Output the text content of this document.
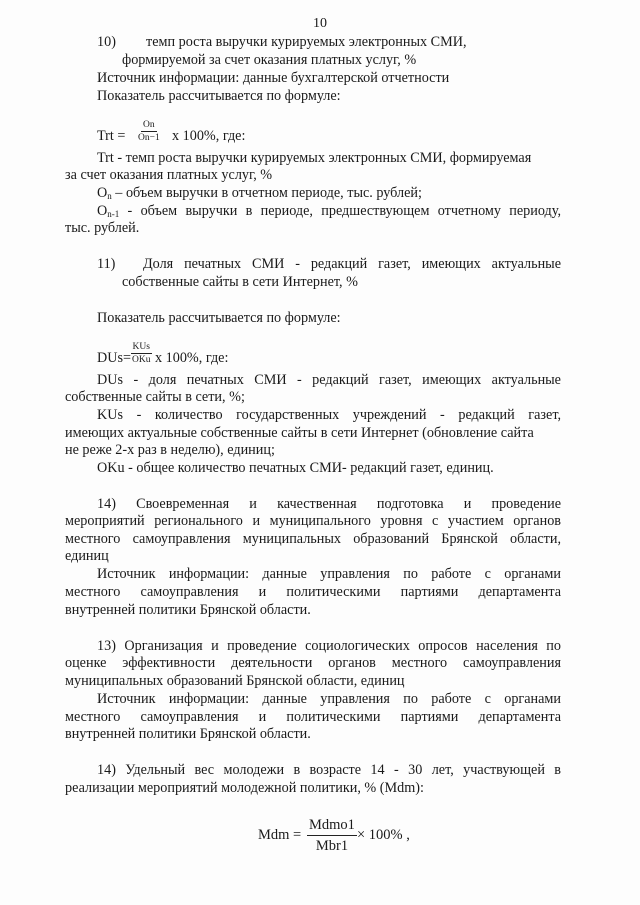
10
10) темп роста выручки курируемых электронных СМИ,
формируемой за счет оказания платных услуг, %
Источник информации: данные бухгалтерской отчетности
Показатель рассчитывается по формуле:
Trt = $\frac{On}{On-1}$ x 100%, где:
Trt - темп роста выручки курируемых электронных СМИ, формируемая
за счет оказания платных услуг, %
$O_n$ – объем выручки в отчетном периоде, тыс. рублей;
$O_{n-1}$ - объем выручки в периоде, предшествующем отчетному периоду,
тыс. рублей.
11) Доля печатных СМИ - редакций газет, имеющих актуальные
собственные сайты в сети Интернет, %
Показатель рассчитывается по формуле:
DUs=
KUs
OKu x 100%, где:
DUs - доля печатных СМИ - редакций газет, имеющих актуальные
собственные сайты в сети, %;
KUs - количество государственных учреждений - редакций газет,
имеющих актуальные собственные сайты в сети Интернет (обновление сайта
не реже 2-х раз в неделю), единиц;
OKu - общее количество печатных СМИ- редакций газет, единиц.
14) Своевременная и качественная подготовка и проведение
мероприятий регионального и муниципального уровня с участием органов
местного самоуправления муниципальных образований Брянской области,
единиц
Источник информации: данные управления по работе с органами
местного самоуправления и политическими партиями департамента
внутренней политики Брянской области.
13) Организация и проведение социологических опросов населения по
оценке эффективности деятельности органов местного самоуправления
муниципальных образований Брянской области, единиц
Источник информации: данные управления по работе с органами
местного самоуправления и политическими партиями департамента
внутренней политики Брянской области.
14) Удельный вес молодежи в возрасте 14 - 30 лет, участвующей в
реализации мероприятий молодежной политики, % (Mdm):
Mdm =
Mdmo1
Mbr1
× 100% ,
